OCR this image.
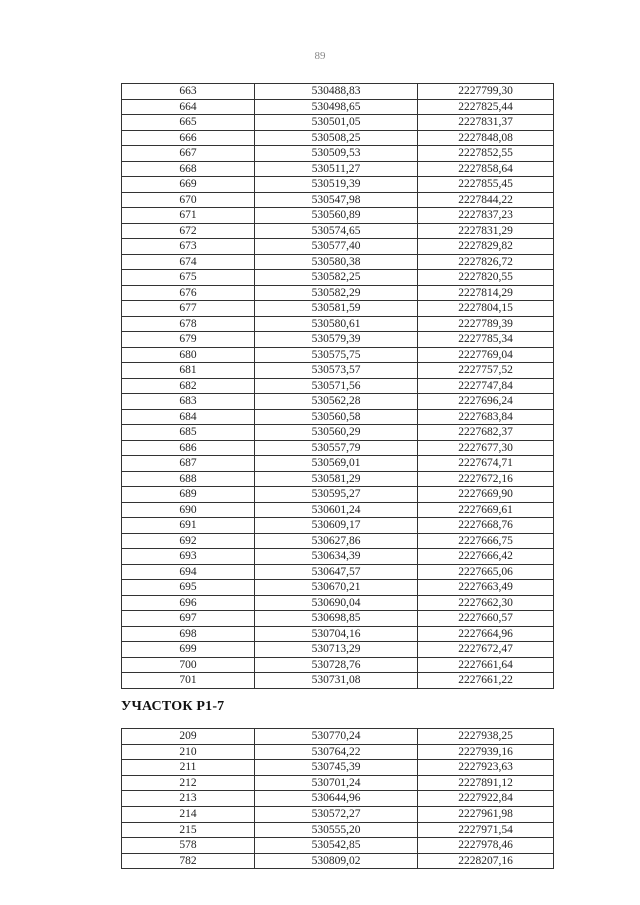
89
663	530488,83	2227799,30
664	530498,65	2227825,44
665	530501,05	2227831,37
666	530508,25	2227848,08
667	530509,53	2227852,55
668	530511,27	2227858,64
669	530519,39	2227855,45
670	530547,98	2227844,22
671	530560,89	2227837,23
672	530574,65	2227831,29
673	530577,40	2227829,82
674	530580,38	2227826,72
675	530582,25	2227820,55
676	530582,29	2227814,29
677	530581,59	2227804,15
678	530580,61	2227789,39
679	530579,39	2227785,34
680	530575,75	2227769,04
681	530573,57	2227757,52
682	530571,56	2227747,84
683	530562,28	2227696,24
684	530560,58	2227683,84
685	530560,29	2227682,37
686	530557,79	2227677,30
687	530569,01	2227674,71
688	530581,29	2227672,16
689	530595,27	2227669,90
690	530601,24	2227669,61
691	530609,17	2227668,76
692	530627,86	2227666,75
693	530634,39	2227666,42
694	530647,57	2227665,06
695	530670,21	2227663,49
696	530690,04	2227662,30
697	530698,85	2227660,57
698	530704,16	2227664,96
699	530713,29	2227672,47
700	530728,76	2227661,64
701	530731,08	2227661,22
УЧАСТОК Р1-7
209	530770,24	2227938,25
210	530764,22	2227939,16
211	530745,39	2227923,63
212	530701,24	2227891,12
213	530644,96	2227922,84
214	530572,27	2227961,98
215	530555,20	2227971,54
578	530542,85	2227978,46
782	530809,02	2228207,16
